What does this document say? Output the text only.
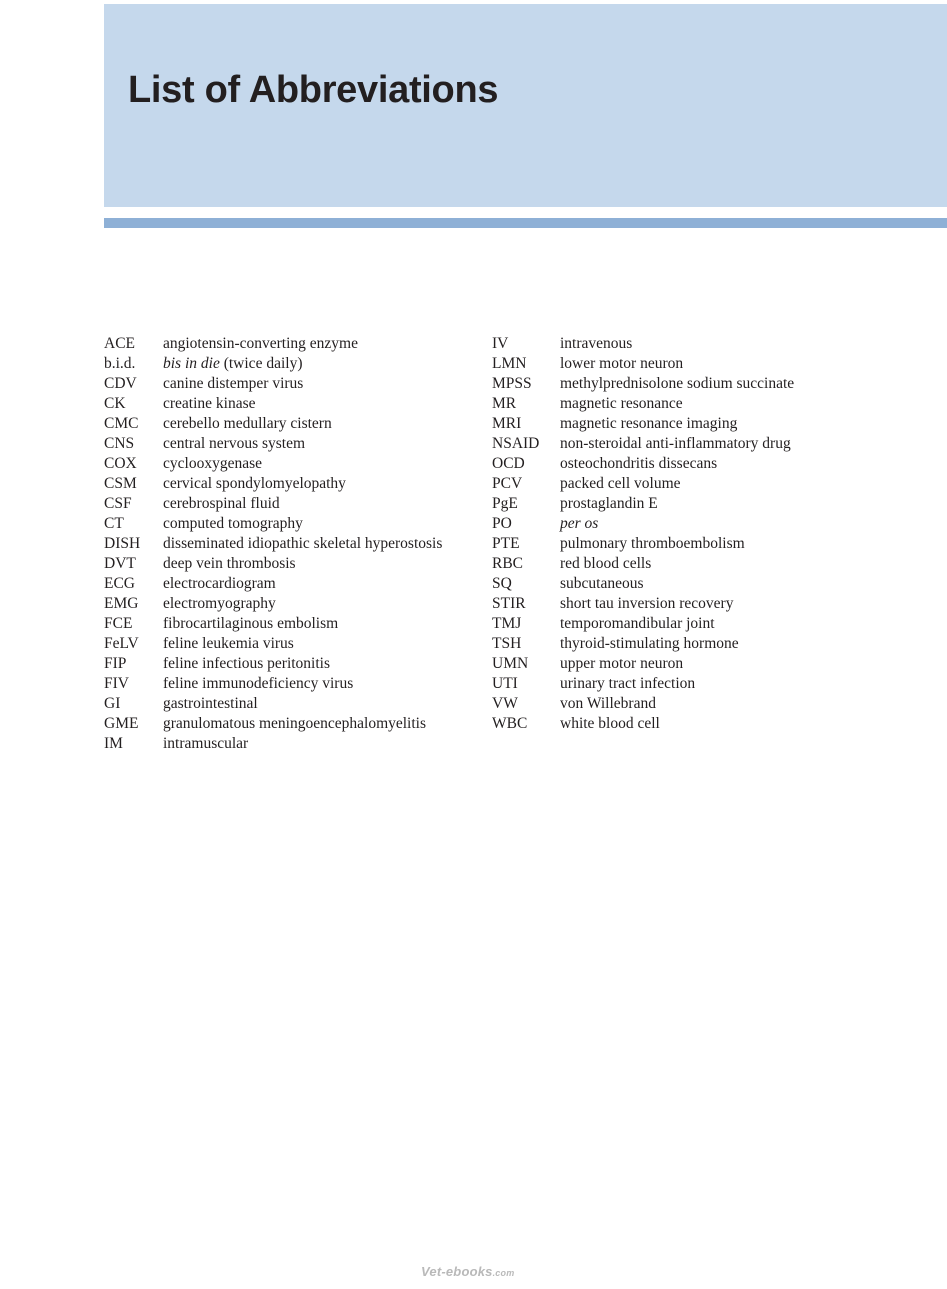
List of Abbreviations
ACE	angiotensin-converting enzyme
b.i.d.	bis in die (twice daily)
CDV	canine distemper virus
CK	creatine kinase
CMC	cerebello medullary cistern
CNS	central nervous system
COX	cyclooxygenase
CSM	cervical spondylomyelopathy
CSF	cerebrospinal fluid
CT	computed tomography
DISH	disseminated idiopathic skeletal hyperostosis
DVT	deep vein thrombosis
ECG	electrocardiogram
EMG	electromyography
FCE	fibrocartilaginous embolism
FeLV	feline leukemia virus
FIP	feline infectious peritonitis
FIV	feline immunodeficiency virus
GI	gastrointestinal
GME	granulomatous meningoencephalomyelitis
IM	intramuscular
IV	intravenous
LMN	lower motor neuron
MPSS	methylprednisolone sodium succinate
MR	magnetic resonance
MRI	magnetic resonance imaging
NSAID	non-steroidal anti-inflammatory drug
OCD	osteochondritis dissecans
PCV	packed cell volume
PgE	prostaglandin E
PO	per os
PTE	pulmonary thromboembolism
RBC	red blood cells
SQ	subcutaneous
STIR	short tau inversion recovery
TMJ	temporomandibular joint
TSH	thyroid-stimulating hormone
UMN	upper motor neuron
UTI	urinary tract infection
VW	von Willebrand
WBC	white blood cell
Vet-ebooks.com
